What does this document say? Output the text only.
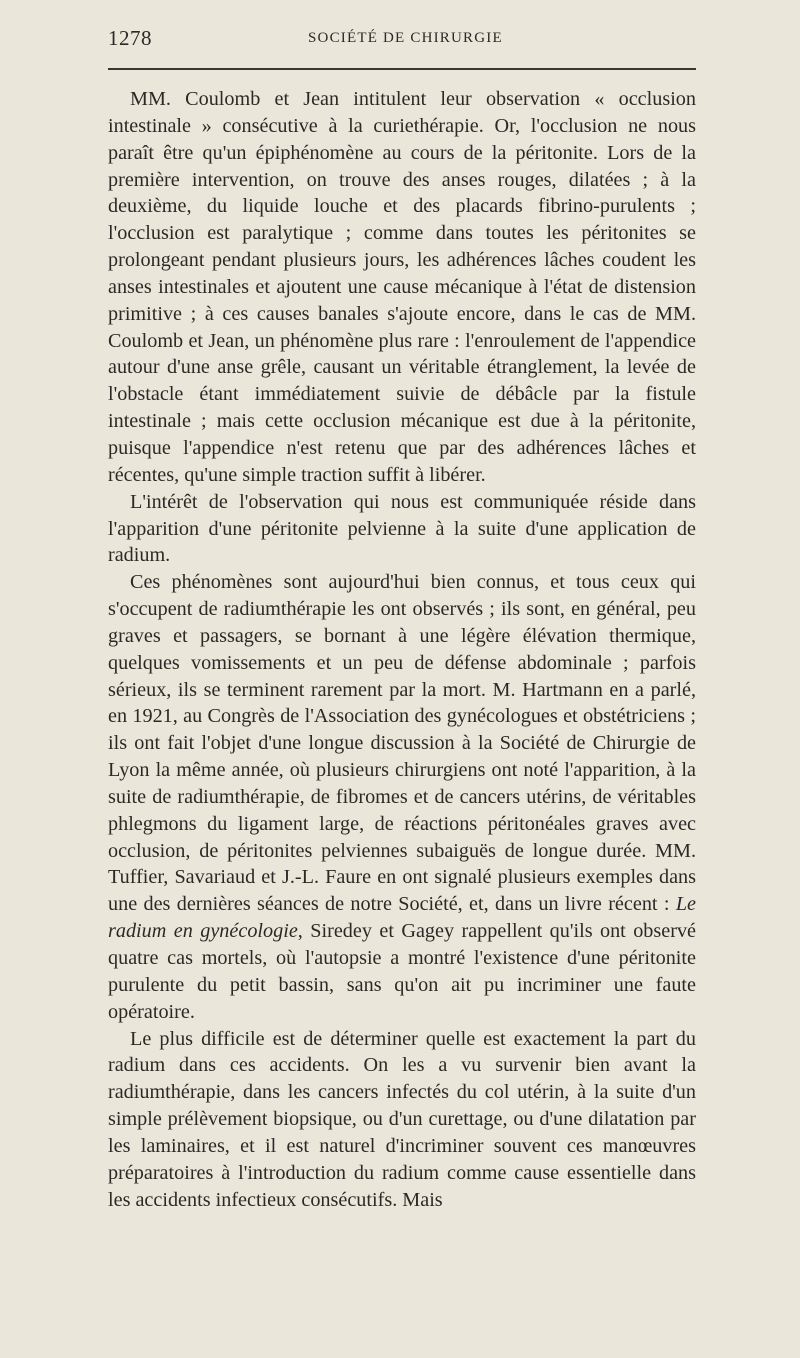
1278	SOCIÉTÉ DE CHIRURGIE

MM. Coulomb et Jean intitulent leur observation « occlusion intestinale » consécutive à la curiethérapie. Or, l'occlusion ne nous paraît être qu'un épiphénomène au cours de la péritonite. Lors de la première intervention, on trouve des anses rouges, dilatées ; à la deuxième, du liquide louche et des placards fibrino-purulents ; l'occlusion est paralytique ; comme dans toutes les péritonites se prolongeant pendant plusieurs jours, les adhérences lâches coudent les anses intestinales et ajoutent une cause mécanique à l'état de distension primitive ; à ces causes banales s'ajoute encore, dans le cas de MM. Coulomb et Jean, un phénomène plus rare : l'enroulement de l'appendice autour d'une anse grêle, causant un véritable étranglement, la levée de l'obstacle étant immédiatement suivie de débâcle par la fistule intestinale ; mais cette occlusion mécanique est due à la péritonite, puisque l'appendice n'est retenu que par des adhérences lâches et récentes, qu'une simple traction suffit à libérer.

L'intérêt de l'observation qui nous est communiquée réside dans l'apparition d'une péritonite pelvienne à la suite d'une application de radium.

Ces phénomènes sont aujourd'hui bien connus, et tous ceux qui s'occupent de radiumthérapie les ont observés ; ils sont, en général, peu graves et passagers, se bornant à une légère élévation thermique, quelques vomissements et un peu de défense abdominale ; parfois sérieux, ils se terminent rarement par la mort. M. Hartmann en a parlé, en 1921, au Congrès de l'Association des gynécologues et obstétriciens ; ils ont fait l'objet d'une longue discussion à la Société de Chirurgie de Lyon la même année, où plusieurs chirurgiens ont noté l'apparition, à la suite de radiumthérapie, de fibromes et de cancers utérins, de véritables phlegmons du ligament large, de réactions péritonéales graves avec occlusion, de péritonites pelviennes subaiguës de longue durée. MM. Tuffier, Savariaud et J.-L. Faure en ont signalé plusieurs exemples dans une des dernières séances de notre Société, et, dans un livre récent : Le radium en gynécologie, Siredey et Gagey rappellent qu'ils ont observé quatre cas mortels, où l'autopsie a montré l'existence d'une péritonite purulente du petit bassin, sans qu'on ait pu incriminer une faute opératoire.

Le plus difficile est de déterminer quelle est exactement la part du radium dans ces accidents. On les a vu survenir bien avant la radiumthérapie, dans les cancers infectés du col utérin, à la suite d'un simple prélèvement biopsique, ou d'un curettage, ou d'une dilatation par les laminaires, et il est naturel d'incriminer souvent ces manœuvres préparatoires à l'introduction du radium comme cause essentielle dans les accidents infectieux consécutifs. Mais
